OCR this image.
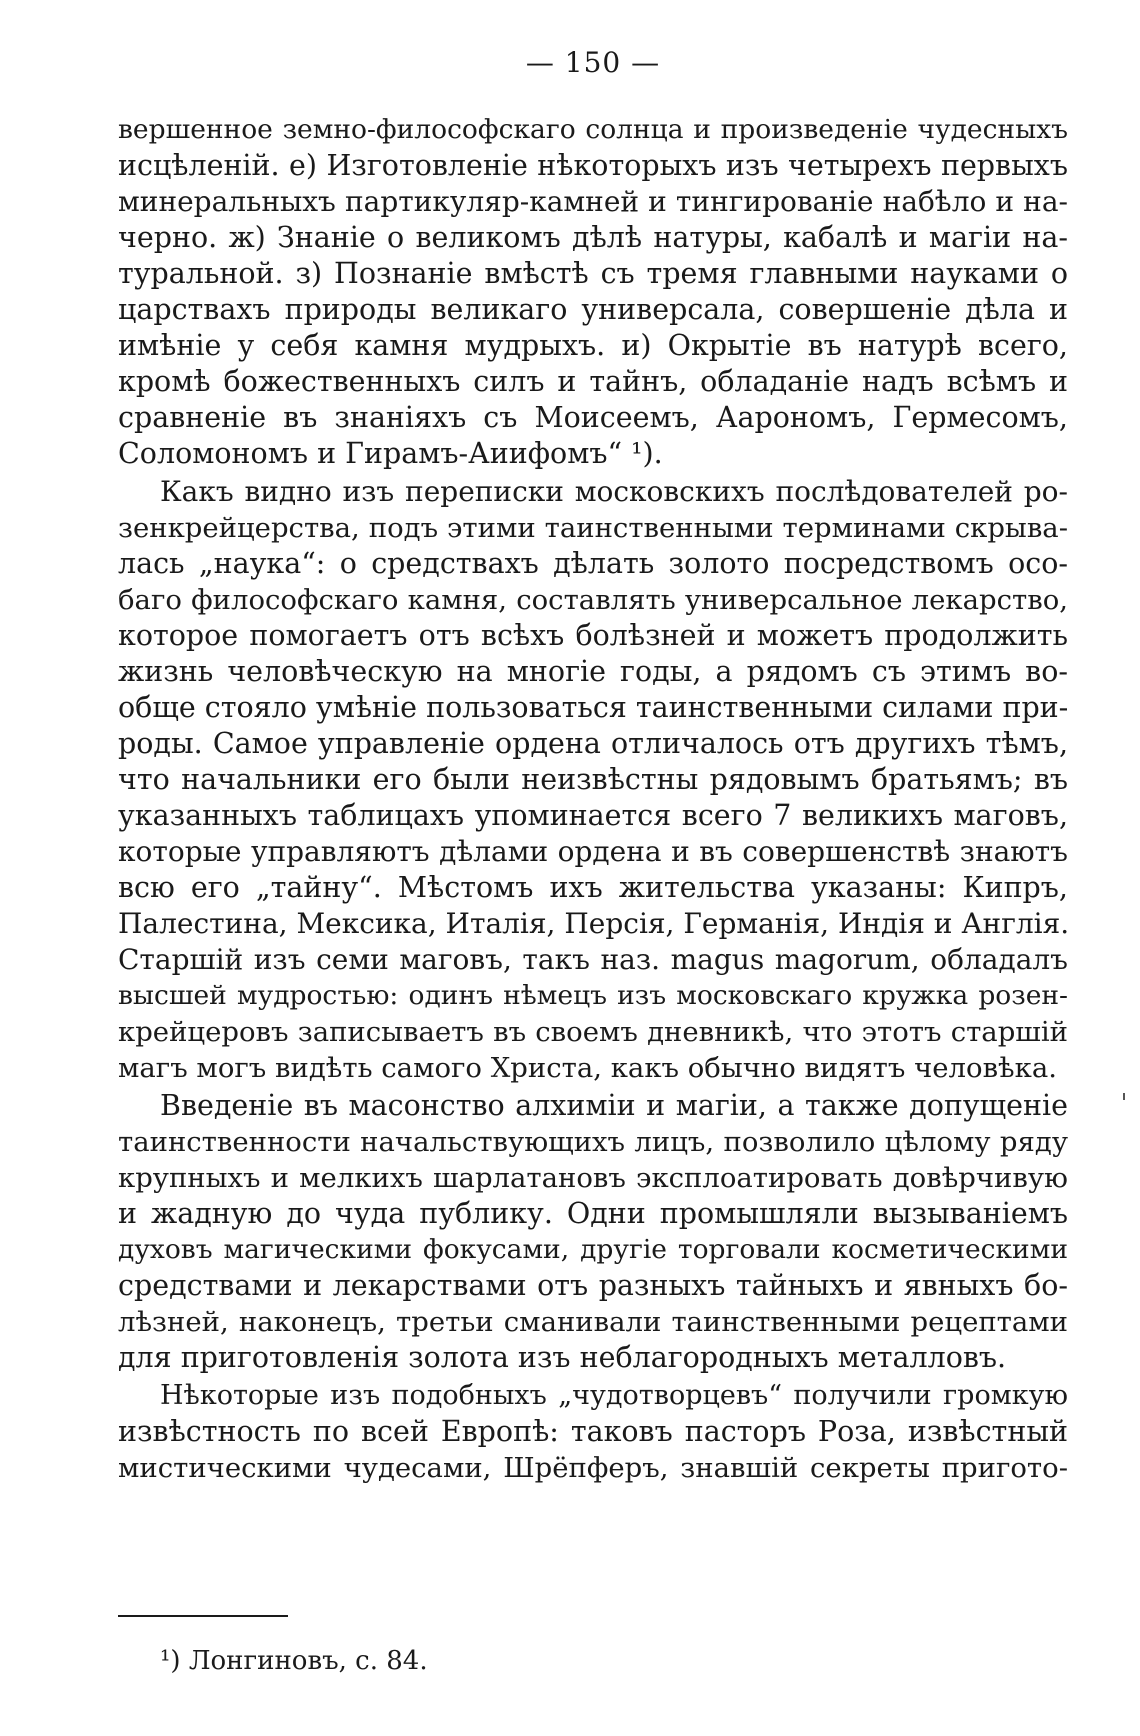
— 150 —
вершенное земно-философскаго солнца и произведеніе чудесныхъ
исцѣленій. е) Изготовленіе нѣкоторыхъ изъ четырехъ первыхъ
минеральныхъ партикуляр-камней и тингированіе набѣло и на-
черно. ж) Знаніе о великомъ дѣлѣ натуры, кабалѣ и магіи на-
туральной. з) Познаніе вмѣстѣ съ тремя главными науками о
царствахъ природы великаго универсала, совершеніе дѣла и
имѣніе у себя камня мудрыхъ. и) Окрытіе въ натурѣ всего,
кромѣ божественныхъ силъ и тайнъ, обладаніе надъ всѣмъ и
сравненіе въ знаніяхъ съ Моисеемъ, Аарономъ, Гермесомъ,
Соломономъ и Гирамъ-Аиифомъ“ ¹).
Какъ видно изъ переписки московскихъ послѣдователей ро-
зенкрейцерства, подъ этими таинственными терминами скрыва-
лась „наука“: о средствахъ дѣлать золото посредствомъ осо-
баго философскаго камня, составлять универсальное лекарство,
которое помогаетъ отъ всѣхъ болѣзней и можетъ продолжить
жизнь человѣческую на многіе годы, а рядомъ съ этимъ во-
обще стояло умѣніе пользоваться таинственными силами при-
роды. Самое управленіе ордена отличалось отъ другихъ тѣмъ,
что начальники его были неизвѣстны рядовымъ братьямъ; въ
указанныхъ таблицахъ упоминается всего 7 великихъ маговъ,
которые управляютъ дѣлами ордена и въ совершенствѣ знаютъ
всю его „тайну“. Мѣстомъ ихъ жительства указаны: Кипръ,
Палестина, Мексика, Италія, Персія, Германія, Индія и Англія.
Старшій изъ семи маговъ, такъ наз. magus magorum, обладалъ
высшей мудростью: одинъ нѣмецъ изъ московскаго кружка розен-
крейцеровъ записываетъ въ своемъ дневникѣ, что этотъ старшій
магъ могъ видѣть самого Христа, какъ обычно видятъ человѣка.
Введеніе въ масонство алхиміи и магіи, а также допущеніе
таинственности начальствующихъ лицъ, позволило цѣлому ряду
крупныхъ и мелкихъ шарлатановъ эксплоатировать довѣрчивую
и жадную до чуда публику. Одни промышляли вызываніемъ
духовъ магическими фокусами, другіе торговали косметическими
средствами и лекарствами отъ разныхъ тайныхъ и явныхъ бо-
лѣзней, наконецъ, третьи сманивали таинственными рецептами
для приготовленія золота изъ неблагородныхъ металловъ.
Нѣкоторые изъ подобныхъ „чудотворцевъ“ получили громкую
извѣстность по всей Европѣ: таковъ пасторъ Роза, извѣстный
мистическими чудесами, Шрёпферъ, знавшій секреты пригото-
¹) Лонгиновъ, с. 84.
